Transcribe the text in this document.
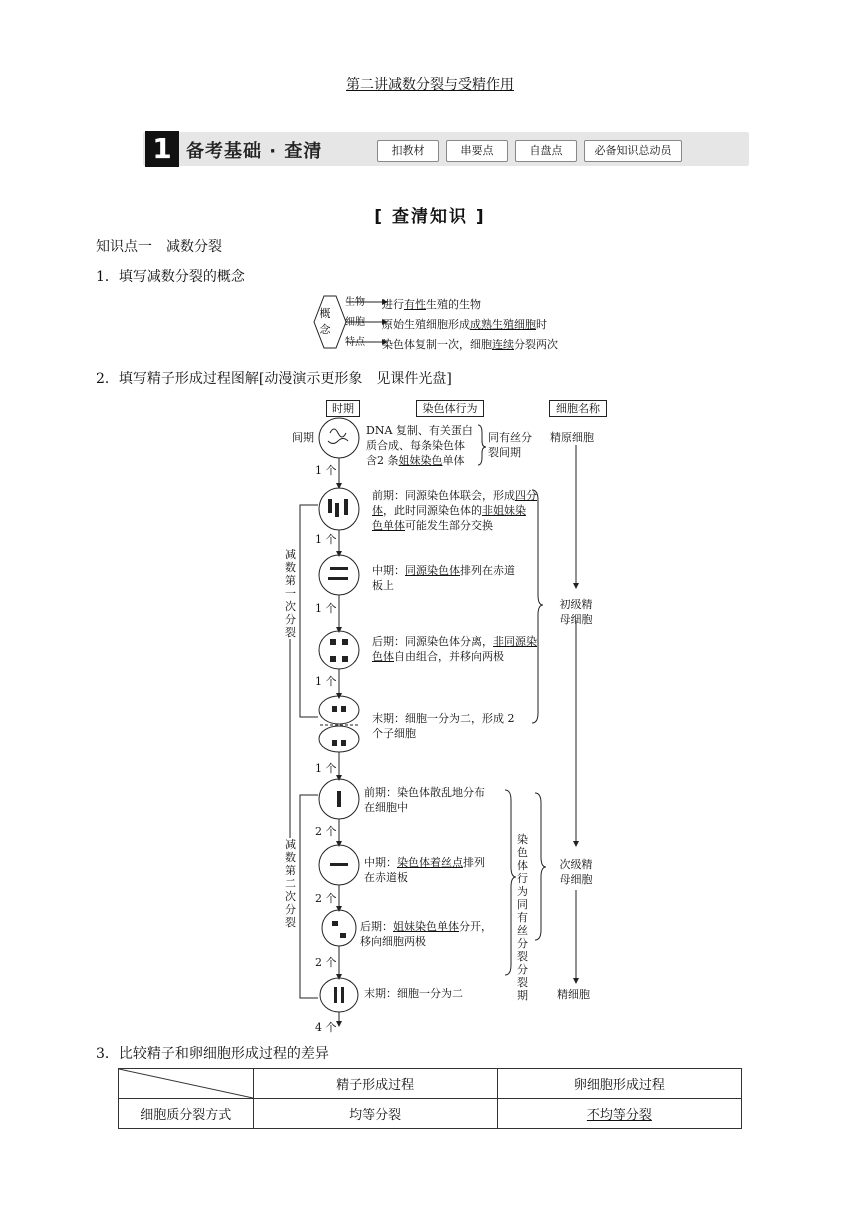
第二讲减数分裂与受精作用
1 备考基础 · 查清	扣教材	串要点	自盘点	必备知识总动员
[ 查清知识 ]
知识点一　减数分裂
1．填写减数分裂的概念
概念
生物
细胞
特点
进行有性生殖的生物
原始生殖细胞形成成熟生殖细胞时
染色体复制一次，细胞连续分裂两次
2．填写精子形成过程图解[动漫演示更形象　见课件光盘]
时期	染色体行为	细胞名称
间期
DNA 复制、有关蛋白
质合成、每条染色体
含2 条姐妹染色单体
同有丝分裂间期
精原细胞
1 个
1 个
1 个
1 个
1 个
2 个
2 个
2 个
4 个
减数第一次分裂
减数第二次分裂
前期：同源染色体联会，形成四分
体，此时同源染色体的非姐妹染
色单体可能发生部分交换
中期：同源染色体排列在赤道
板上
后期：同源染色体分离，非同源染
色体自由组合，并移向两极
末期：细胞一分为二，形成 2
个子细胞
初级精母细胞
前期：染色体散乱地分布
在细胞中
中期：染色体着丝点排列
在赤道板
后期：姐妹染色单体分开，
移向细胞两极
末期：细胞一分为二
染色体行为同有丝分裂分裂期
次级精母细胞
精细胞
3．比较精子和卵细胞形成过程的差异
	精子形成过程	卵细胞形成过程
细胞质分裂方式	均等分裂	不均等分裂
